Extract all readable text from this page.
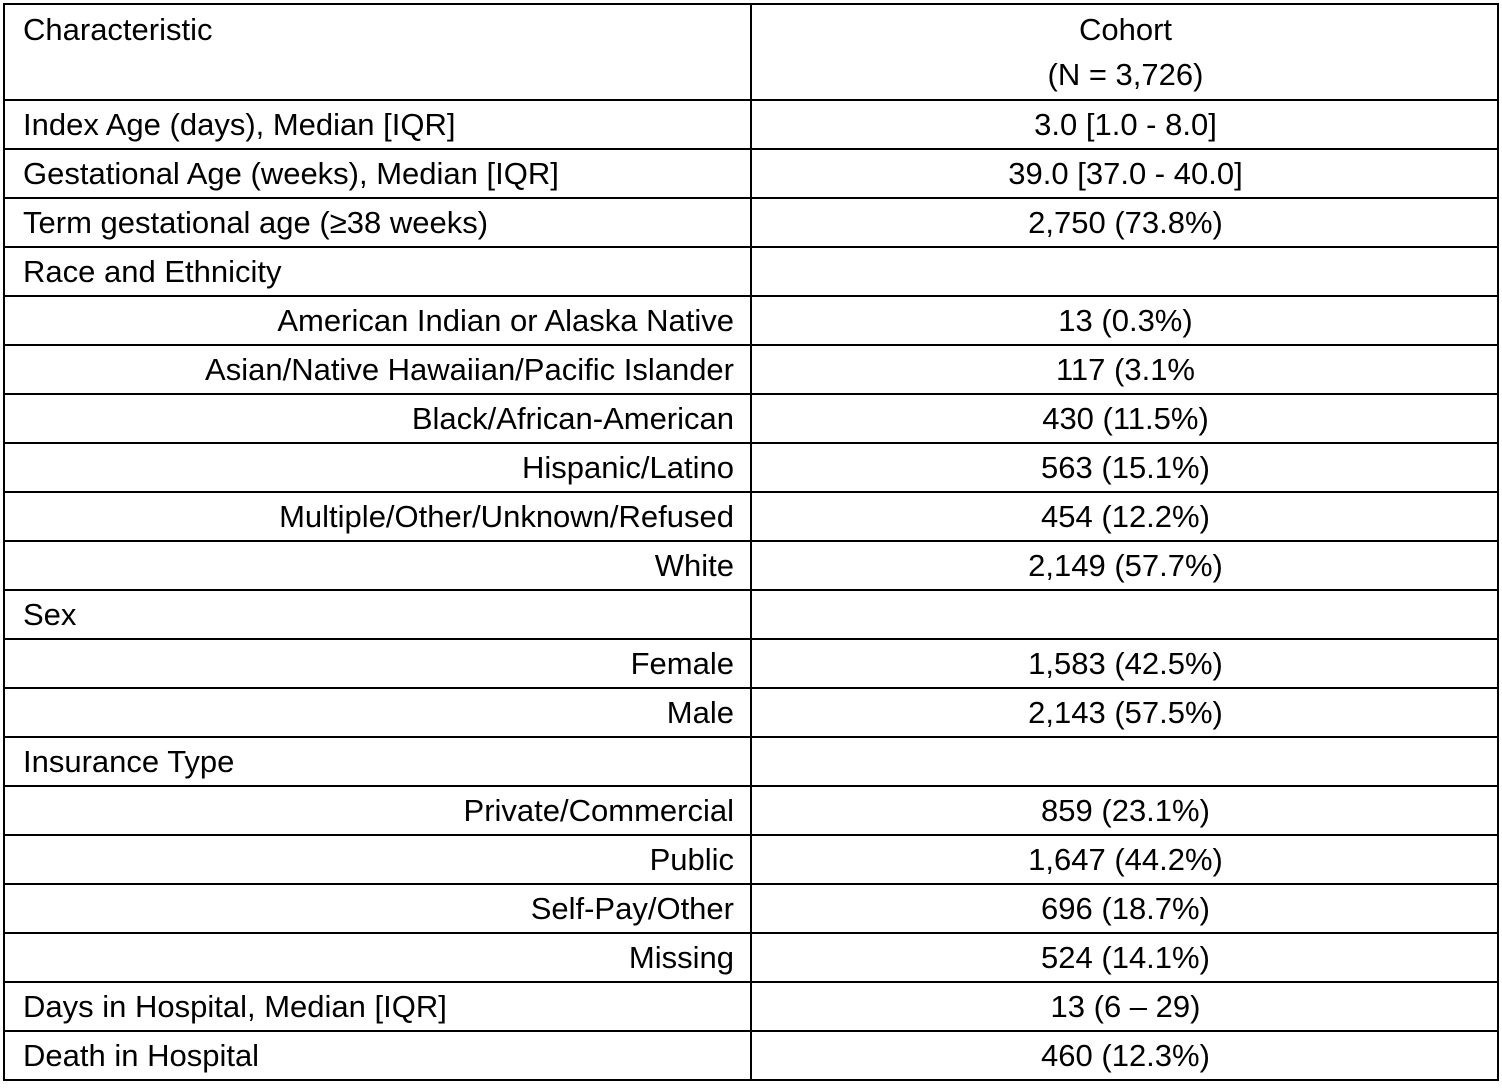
Characteristic	Cohort
(N = 3,726)

Index Age (days), Median [IQR]	3.0 [1.0 - 8.0]
Gestational Age (weeks), Median [IQR]	39.0 [37.0 - 40.0]
Term gestational age (≥38 weeks)	2,750 (73.8%)
Race and Ethnicity	
American Indian or Alaska Native	13 (0.3%)
Asian/Native Hawaiian/Pacific Islander	117 (3.1%
Black/African-American	430 (11.5%)
Hispanic/Latino	563 (15.1%)
Multiple/Other/Unknown/Refused	454 (12.2%)
White	2,149 (57.7%)
Sex	
Female	1,583 (42.5%)
Male	2,143 (57.5%)
Insurance Type	
Private/Commercial	859 (23.1%)
Public	1,647 (44.2%)
Self-Pay/Other	696 (18.7%)
Missing	524 (14.1%)
Days in Hospital, Median [IQR]	13 (6 – 29)
Death in Hospital	460 (12.3%)
